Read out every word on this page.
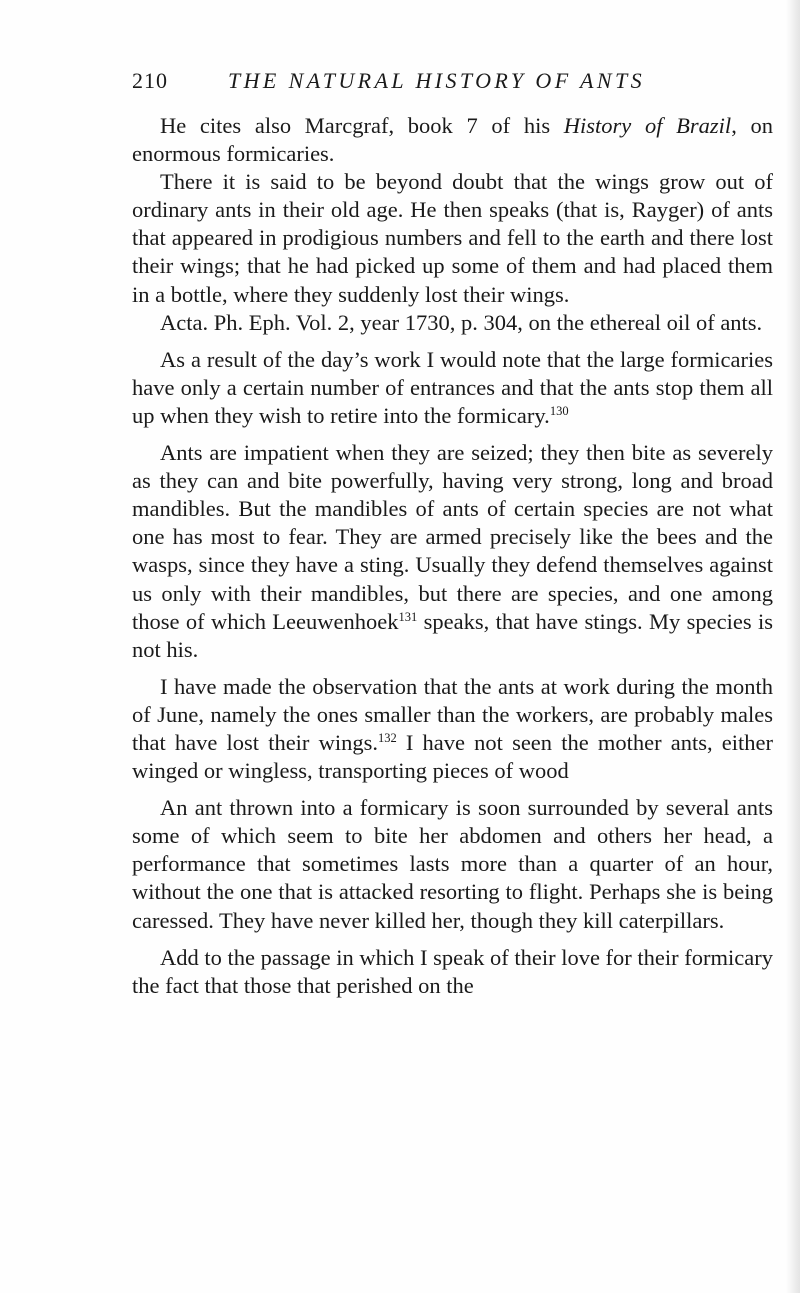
210	THE NATURAL HISTORY OF ANTS

He cites also Marcgraf, book 7 of his History of Brazil, on enormous formicaries.

There it is said to be beyond doubt that the wings grow out of ordinary ants in their old age. He then speaks (that is, Rayger) of ants that appeared in prodigious numbers and fell to the earth and there lost their wings; that he had picked up some of them and had placed them in a bottle, where they suddenly lost their wings.

Acta. Ph. Eph. Vol. 2, year 1730, p. 304, on the ethereal oil of ants.

As a result of the day’s work I would note that the large formicaries have only a certain number of entrances and that the ants stop them all up when they wish to retire into the formicary.$^{130}$

Ants are impatient when they are seized; they then bite as severely as they can and bite powerfully, having very strong, long and broad mandibles. But the mandibles of ants of certain species are not what one has most to fear. They are armed precisely like the bees and the wasps, since they have a sting. Usually they defend themselves against us only with their mandibles, but there are species, and one among those of which Leeuwenhoek$^{131}$ speaks, that have stings. My species is not his.

I have made the observation that the ants at work during the month of June, namely the ones smaller than the workers, are probably males that have lost their wings.$^{132}$ I have not seen the mother ants, either winged or wingless, transporting pieces of wood

An ant thrown into a formicary is soon surrounded by several ants some of which seem to bite her abdomen and others her head, a performance that sometimes lasts more than a quarter of an hour, without the one that is attacked resorting to flight. Perhaps she is being caressed. They have never killed her, though they kill caterpillars.

Add to the passage in which I speak of their love for their formicary the fact that those that perished on the
